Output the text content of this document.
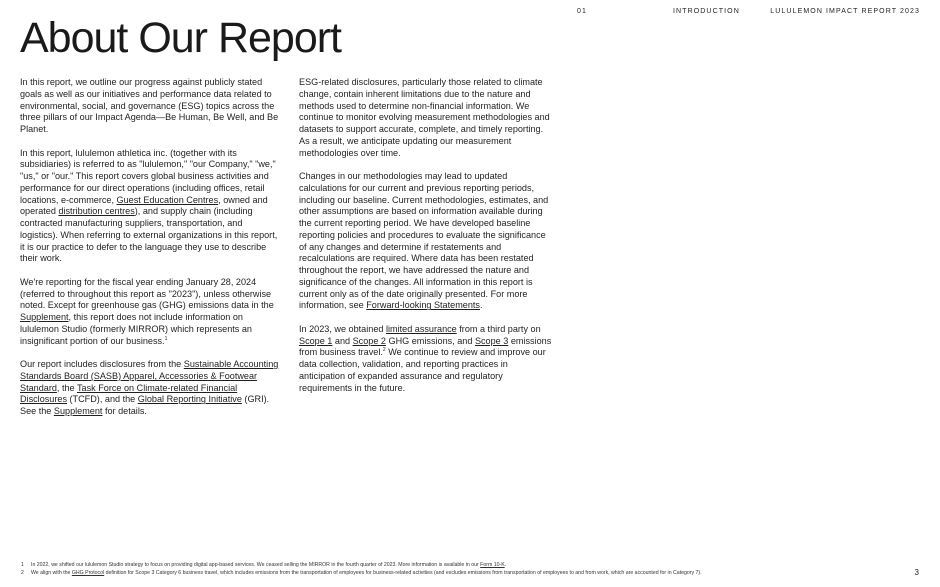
01	INTRODUCTION	LULULEMON IMPACT REPORT 2023
About Our Report

In this report, we outline our progress against publicly stated goals as well as our initiatives and performance data related to environmental, social, and governance (ESG) topics across the three pillars of our Impact Agenda—Be Human, Be Well, and Be Planet.

In this report, lululemon athletica inc. (together with its subsidiaries) is referred to as "lululemon," "our Company," "we," "us," or "our." This report covers global business activities and performance for our direct operations (including offices, retail locations, e-commerce, Guest Education Centres, owned and operated distribution centres), and supply chain (including contracted manufacturing suppliers, transportation, and logistics). When referring to external organizations in this report, it is our practice to defer to the language they use to describe their work.

We're reporting for the fiscal year ending January 28, 2024 (referred to throughout this report as "2023"), unless otherwise noted. Except for greenhouse gas (GHG) emissions data in the Supplement, this report does not include information on lululemon Studio (formerly MIRROR) which represents an insignificant portion of our business.$^1$

Our report includes disclosures from the Sustainable Accounting Standards Board (SASB) Apparel, Accessories & Footwear Standard, the Task Force on Climate-related Financial Disclosures (TCFD), and the Global Reporting Initiative (GRI). See the Supplement for details.

ESG-related disclosures, particularly those related to climate change, contain inherent limitations due to the nature and methods used to determine non-financial information. We continue to monitor evolving measurement methodologies and datasets to support accurate, complete, and timely reporting. As a result, we anticipate updating our measurement methodologies over time.

Changes in our methodologies may lead to updated calculations for our current and previous reporting periods, including our baseline. Current methodologies, estimates, and other assumptions are based on information available during the current reporting period. We have developed baseline reporting policies and procedures to evaluate the significance of any changes and determine if restatements and recalculations are required. Where data has been restated throughout the report, we have addressed the nature and significance of the changes. All information in this report is current only as of the date originally presented. For more information, see Forward-looking Statements.

In 2023, we obtained limited assurance from a third party on Scope 1 and Scope 2 GHG emissions, and Scope 3 emissions from business travel.$^2$ We continue to review and improve our data collection, validation, and reporting practices in anticipation of expanded assurance and regulatory requirements in the future.

1 In 2022, we shifted our lululemon Studio strategy to focus on providing digital app-based services. We ceased selling the MIRROR in the fourth quarter of 2023. More information is available in our Form 10-K.
2 We align with the GHG Protocol definition for Scope 3 Category 6 business travel, which includes emissions from the transportation of employees for business-related activities (and excludes emissions from transportation of employees to and from work, which are accounted for in Category 7).	3
